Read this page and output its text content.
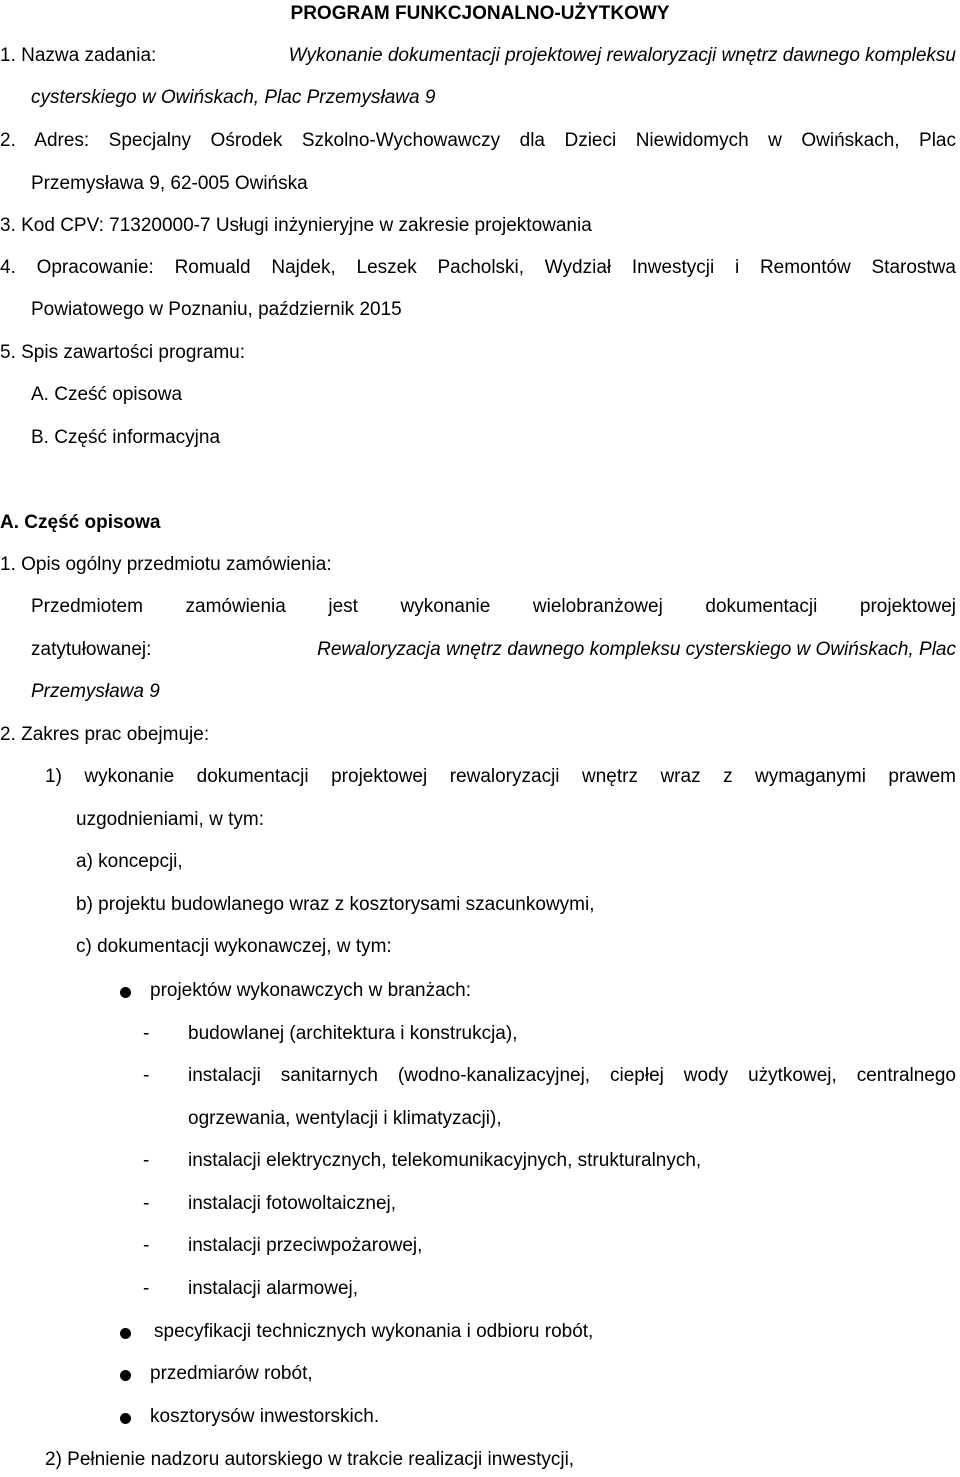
PROGRAM FUNKCJONALNO-UŻYTKOWY
1. Nazwa zadania:	Wykonanie dokumentacji projektowej rewaloryzacji wnętrz dawnego kompleksu
cysterskiego w Owińskach, Plac Przemysława 9
2. Adres: Specjalny Ośrodek Szkolno-Wychowawczy dla Dzieci Niewidomych w Owińskach, Plac
Przemysława 9, 62-005 Owińska
3. Kod CPV: 71320000-7 Usługi inżynieryjne w zakresie projektowania
4. Opracowanie: Romuald Najdek, Leszek Pacholski, Wydział Inwestycji i Remontów Starostwa
Powiatowego w Poznaniu, październik 2015
5. Spis zawartości programu:
A. Cześć opisowa
B. Część informacyjna
A. Część opisowa
1. Opis ogólny przedmiotu zamówienia:
Przedmiotem zamówienia jest wykonanie wielobranżowej dokumentacji projektowej
zatytułowanej:	Rewaloryzacja wnętrz dawnego kompleksu cysterskiego w Owińskach, Plac
Przemysława 9
2. Zakres prac obejmuje:
1) wykonanie dokumentacji projektowej rewaloryzacji wnętrz wraz z wymaganymi prawem
uzgodnieniami, w tym:
a) koncepcji,
b) projektu budowlanego wraz z kosztorysami szacunkowymi,
c) dokumentacji wykonawczej, w tym:
projektów wykonawczych w branżach:
- budowlanej (architektura i konstrukcja),
- instalacji sanitarnych (wodno-kanalizacyjnej, ciepłej wody użytkowej, centralnego
ogrzewania, wentylacji i klimatyzacji),
- instalacji elektrycznych, telekomunikacyjnych, strukturalnych,
- instalacji fotowoltaicznej,
- instalacji przeciwpożarowej,
- instalacji alarmowej,
specyfikacji technicznych wykonania i odbioru robót,
przedmiarów robót,
kosztorysów inwestorskich.
2) Pełnienie nadzoru autorskiego w trakcie realizacji inwestycji,
